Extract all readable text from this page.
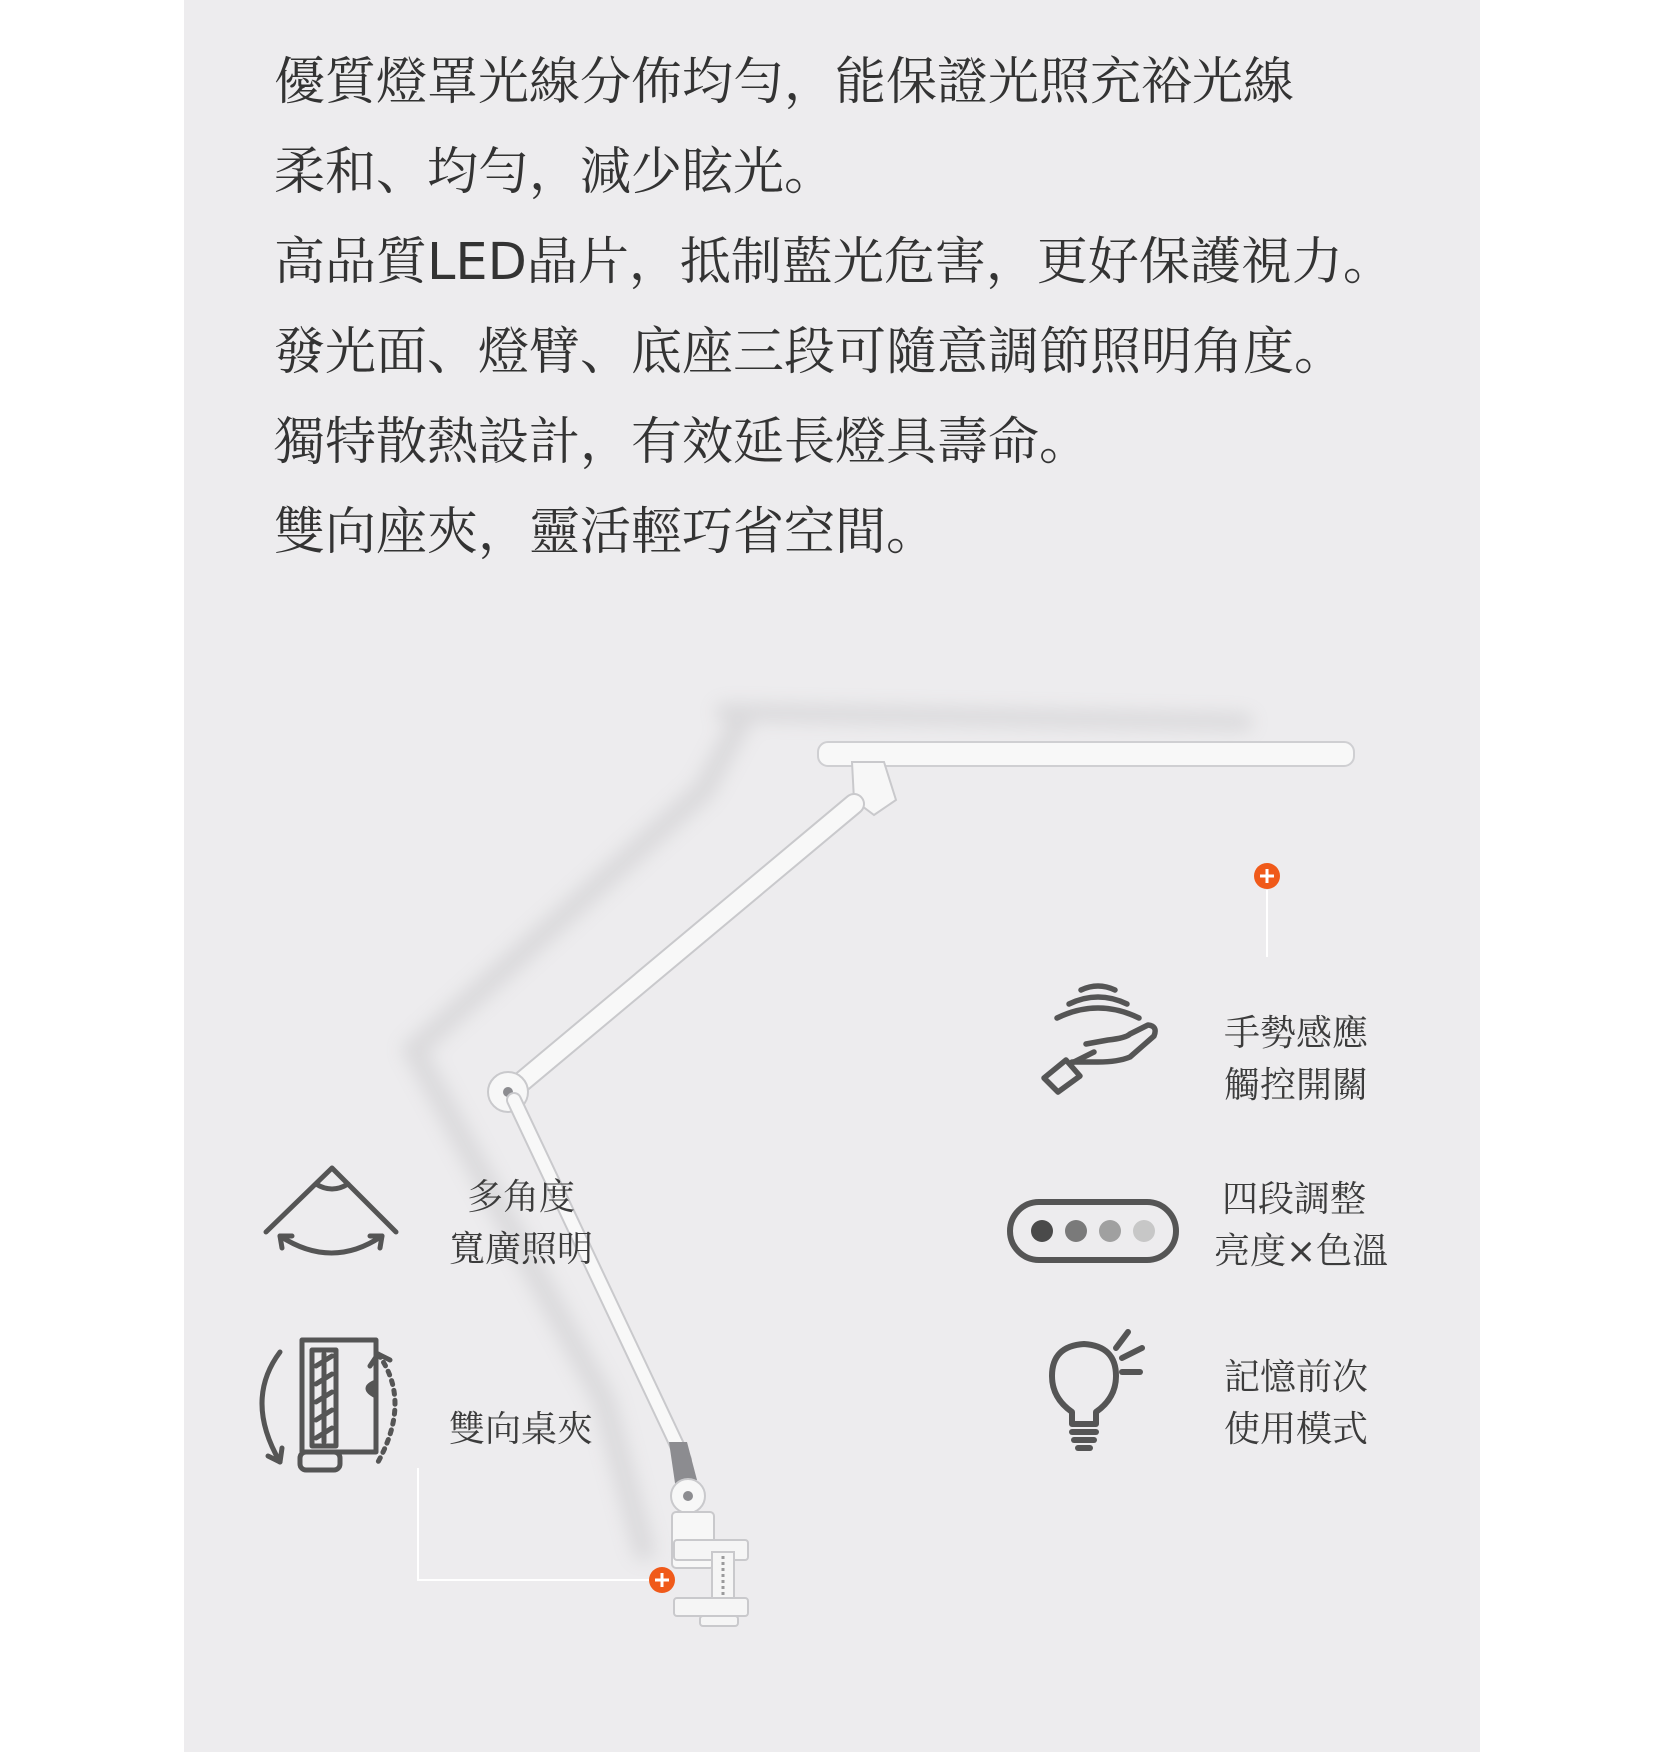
優質燈罩光線分佈均勻，能保證光照充裕光線
柔和、均勻，減少眩光。
高品質LED晶片，抵制藍光危害，更好保護視力。
發光面、燈臂、底座三段可隨意調節照明角度。
獨特散熱設計，有效延長燈具壽命。
雙向座夾，靈活輕巧省空間。
手勢感應
觸控開關
四段調整
亮度×色溫
記憶前次
使用模式
多角度
寬廣照明
雙向桌夾
